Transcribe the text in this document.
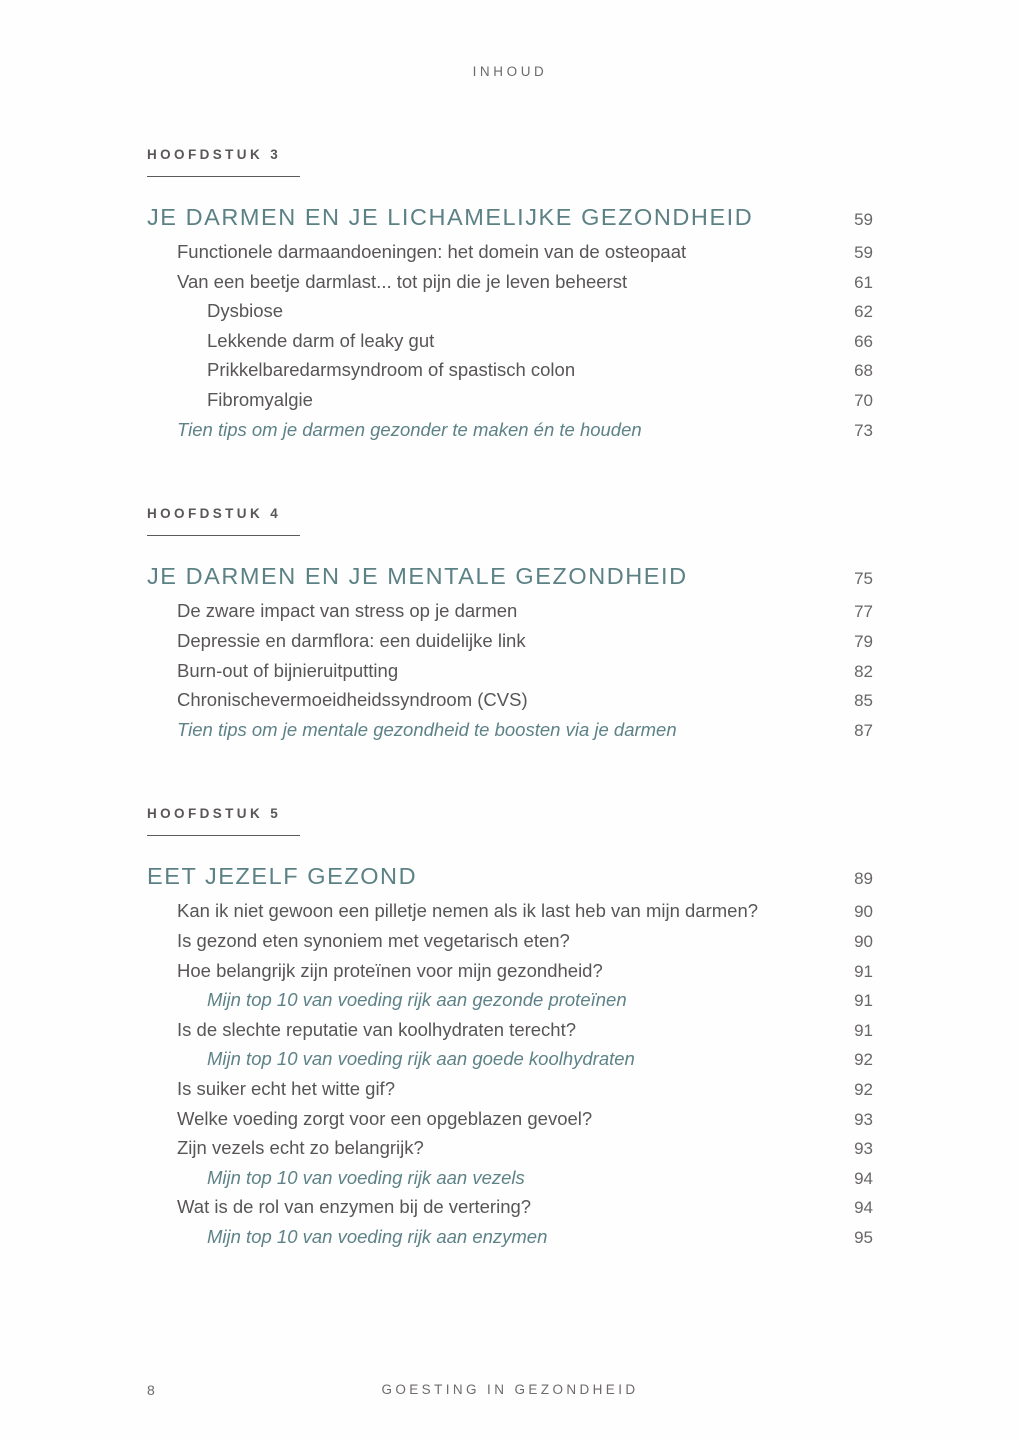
INHOUD
HOOFDSTUK 3
JE DARMEN EN JE LICHAMELIJKE GEZONDHEID	59
Functionele darmaandoeningen: het domein van de osteopaat	59
Van een beetje darmlast... tot pijn die je leven beheerst	61
Dysbiose	62
Lekkende darm of leaky gut	66
Prikkelbaredarmsyndroom of spastisch colon	68
Fibromyalgie	70
Tien tips om je darmen gezonder te maken én te houden	73
HOOFDSTUK 4
JE DARMEN EN JE MENTALE GEZONDHEID	75
De zware impact van stress op je darmen	77
Depressie en darmflora: een duidelijke link	79
Burn-out of bijnieruitputting	82
Chronischevermoeidheidssyndroom (CVS)	85
Tien tips om je mentale gezondheid te boosten via je darmen	87
HOOFDSTUK 5
EET JEZELF GEZOND	89
Kan ik niet gewoon een pilletje nemen als ik last heb van mijn darmen?	90
Is gezond eten synoniem met vegetarisch eten?	90
Hoe belangrijk zijn proteïnen voor mijn gezondheid?	91
Mijn top 10 van voeding rijk aan gezonde proteïnen	91
Is de slechte reputatie van koolhydraten terecht?	91
Mijn top 10 van voeding rijk aan goede koolhydraten	92
Is suiker echt het witte gif?	92
Welke voeding zorgt voor een opgeblazen gevoel?	93
Zijn vezels echt zo belangrijk?	93
Mijn top 10 van voeding rijk aan vezels	94
Wat is de rol van enzymen bij de vertering?	94
Mijn top 10 van voeding rijk aan enzymen	95
8	GOESTING IN GEZONDHEID
